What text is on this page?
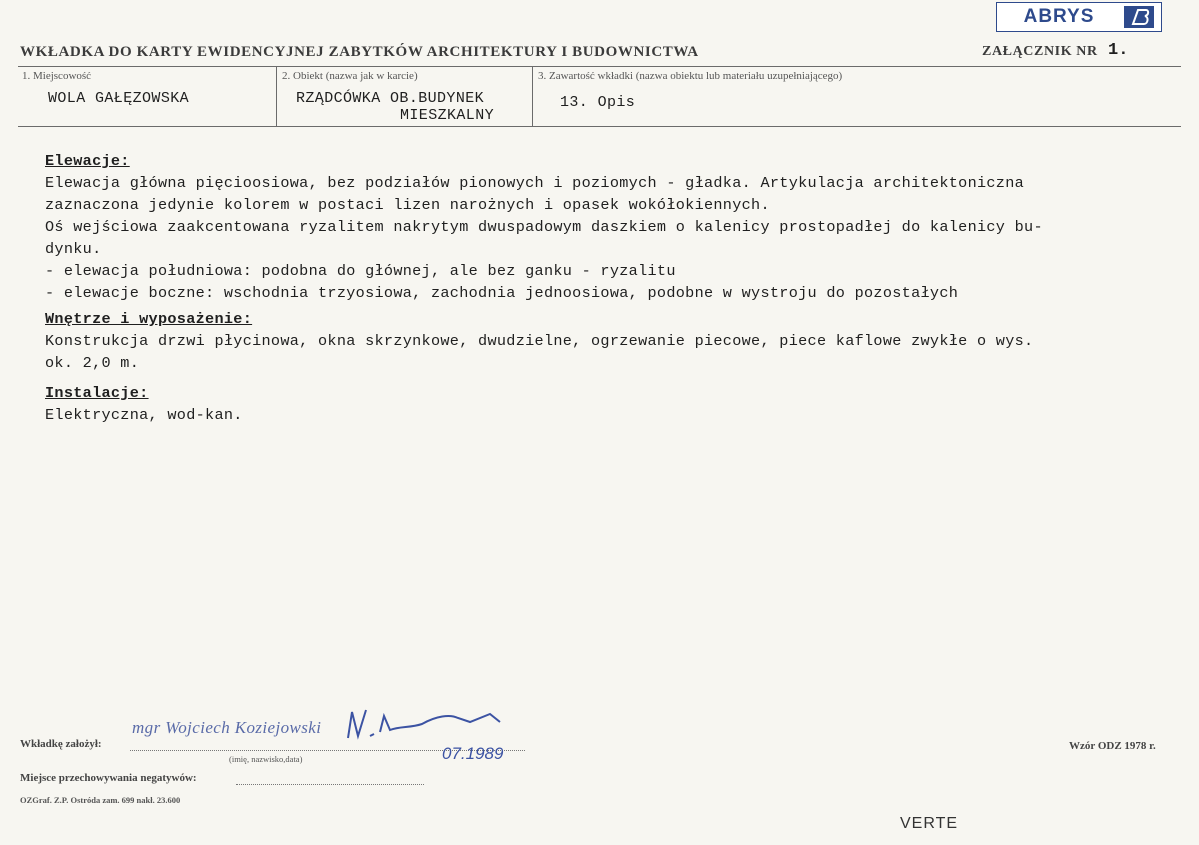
ABRYS
WKŁADKA DO KARTY EWIDENCYJNEJ ZABYTKÓW ARCHITEKTURY I BUDOWNICTWA	ZAŁĄCZNIK NR 1.
1. Miejscowość
WOLA GAŁĘZOWSKA
2. Obiekt (nazwa jak w karcie)
RZĄDCÓWKA OB.BUDYNEK
MIESZKALNY
3. Zawartość wkładki (nazwa obiektu lub materiału uzupełniającego)
13. Opis
Elewacje:
Elewacja główna pięcioosiowa, bez podziałów pionowych i poziomych - gładka. Artykulacja architektoniczna
zaznaczona jedynie kolorem w postaci lizen narożnych i opasek wokółokiennych.
Oś wejściowa zaakcentowana ryzalitem nakrytym dwuspadowym daszkiem o kalenicy prostopadłej do kalenicy bu-
dynku.
- elewacja południowa: podobna do głównej, ale bez ganku - ryzalitu
- elewacje boczne: wschodnia trzyosiowa, zachodnia jednoosiowa, podobne w wystroju do pozostałych
Wnętrze i wyposażenie:
Konstrukcja drzwi płycinowa, okna skrzynkowe, dwudzielne, ogrzewanie piecowe, piece kaflowe zwykłe o wys.
ok. 2,0 m.
Instalacje:
Elektryczna, wod-kan.
Wkładkę założył:
mgr Wojciech Koziejowski
07.1989
(imię, nazwisko,data)
Miejsce przechowywania negatywów:
Wzór ODZ 1978 r.
OZGraf. Z.P. Ostróda zam. 699 nakł. 23.600
VERTE
